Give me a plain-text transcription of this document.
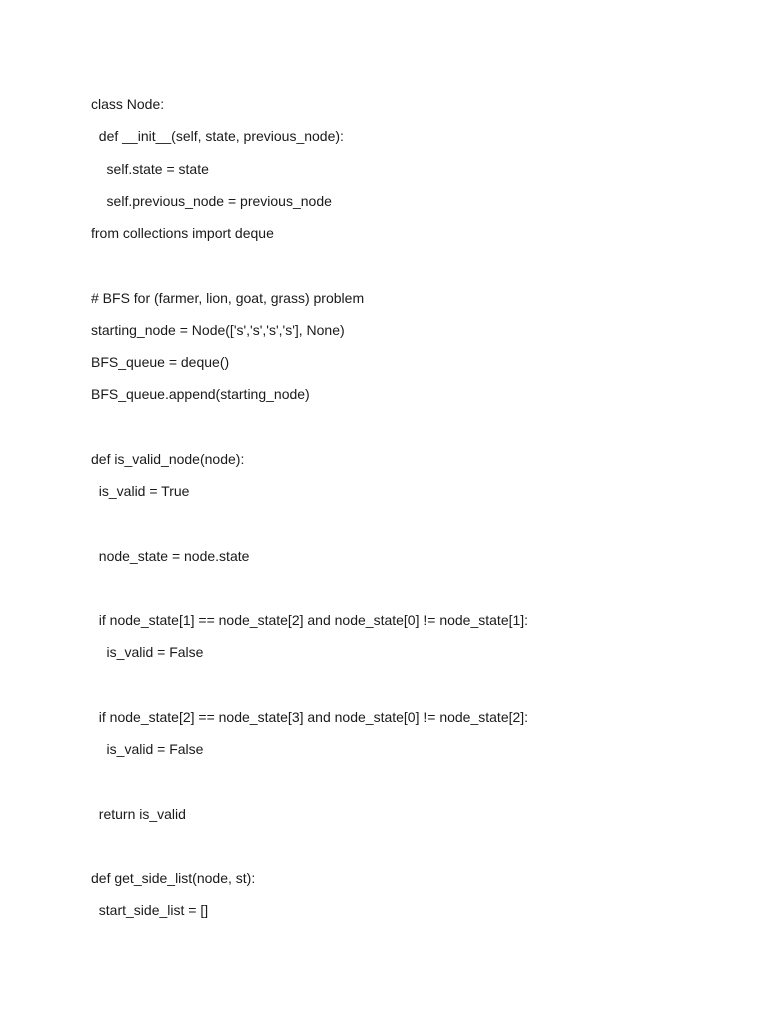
class Node:
def __init__(self, state, previous_node):
self.state = state
self.previous_node = previous_node
from collections import deque
# BFS for (farmer, lion, goat, grass) problem
starting_node = Node(['s','s','s','s'], None)
BFS_queue = deque()
BFS_queue.append(starting_node)
def is_valid_node(node):
is_valid = True
node_state = node.state
if node_state[1] == node_state[2] and node_state[0] != node_state[1]:
is_valid = False
if node_state[2] == node_state[3] and node_state[0] != node_state[2]:
is_valid = False
return is_valid
def get_side_list(node, st):
start_side_list = []
